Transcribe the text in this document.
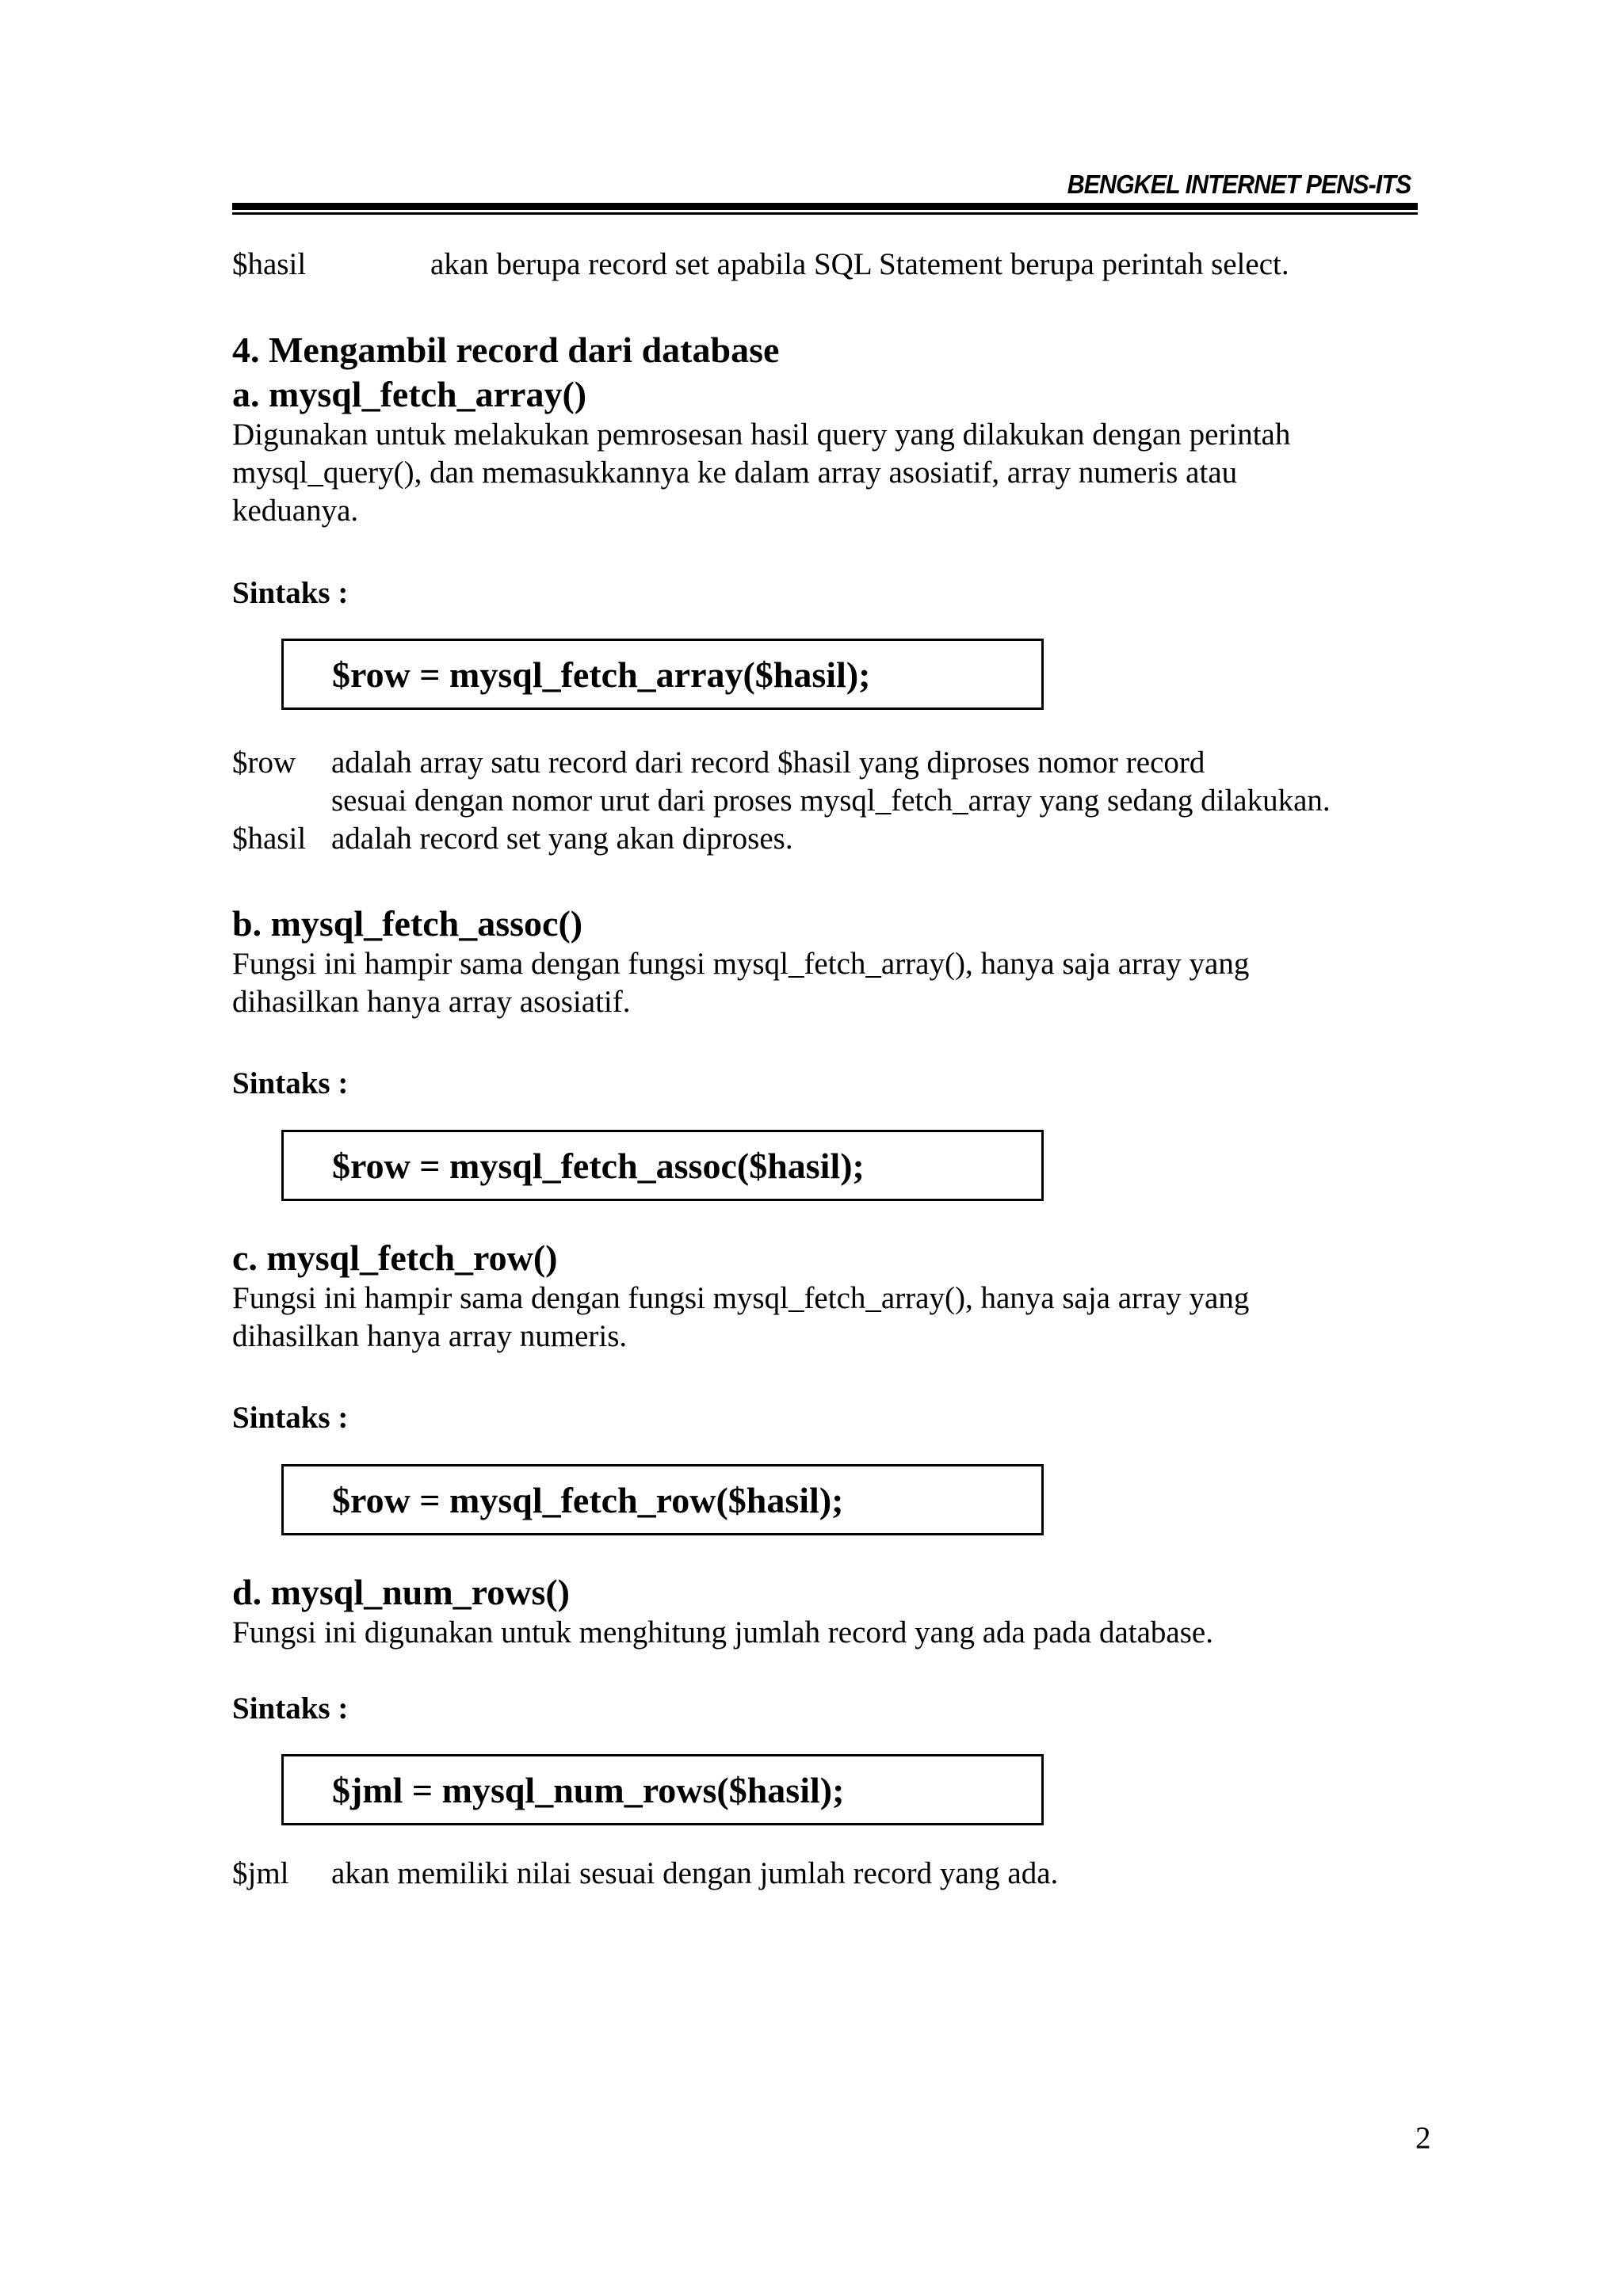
BENGKEL INTERNET PENS-ITS
$hasil	akan berupa record set apabila SQL Statement berupa perintah select.
4. Mengambil record dari database
a. mysql_fetch_array()
Digunakan untuk melakukan pemrosesan hasil query yang dilakukan dengan perintah
mysql_query(), dan memasukkannya ke dalam array asosiatif, array numeris atau
keduanya.
Sintaks :
$row = mysql_fetch_array($hasil);
$row adalah array satu record dari record $hasil yang diproses nomor record
sesuai dengan nomor urut dari proses mysql_fetch_array yang sedang dilakukan.
$hasil adalah record set yang akan diproses.
b. mysql_fetch_assoc()
Fungsi ini hampir sama dengan fungsi mysql_fetch_array(), hanya saja array yang
dihasilkan hanya array asosiatif.
Sintaks :
$row = mysql_fetch_assoc($hasil);
c. mysql_fetch_row()
Fungsi ini hampir sama dengan fungsi mysql_fetch_array(), hanya saja array yang
dihasilkan hanya array numeris.
Sintaks :
$row = mysql_fetch_row($hasil);
d. mysql_num_rows()
Fungsi ini digunakan untuk menghitung jumlah record yang ada pada database.
Sintaks :
$jml = mysql_num_rows($hasil);
$jml akan memiliki nilai sesuai dengan jumlah record yang ada.
2
